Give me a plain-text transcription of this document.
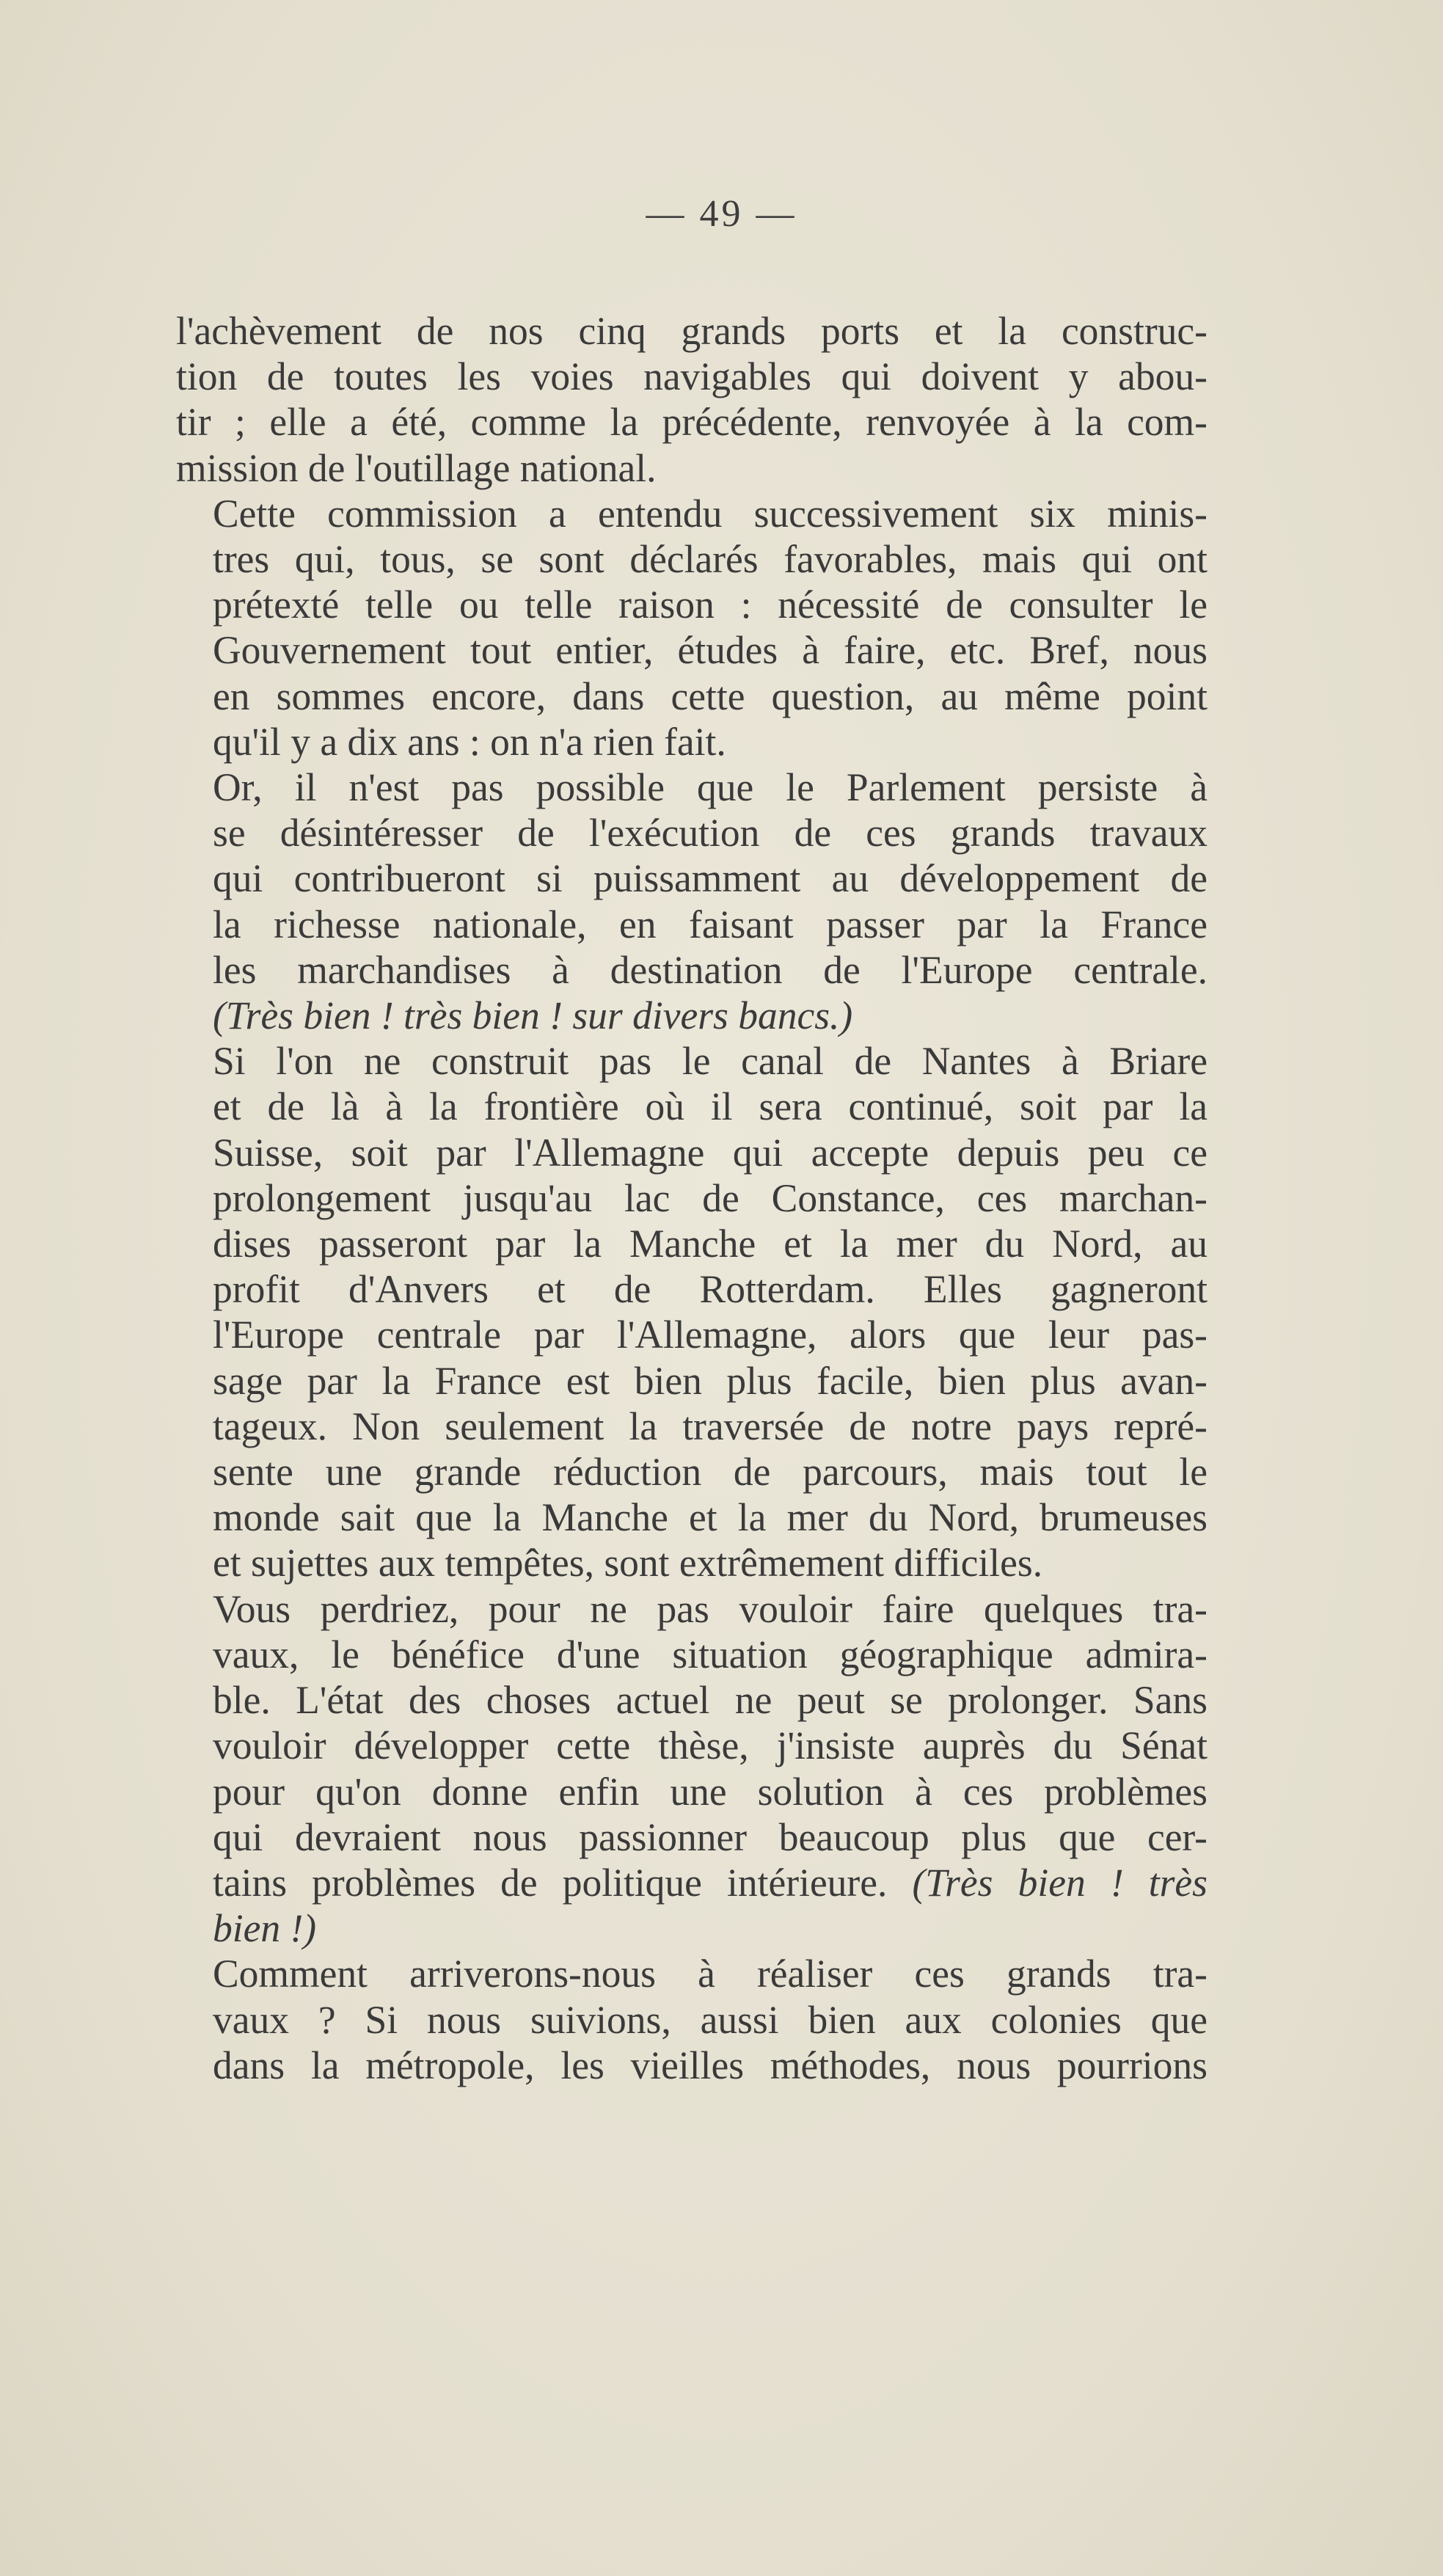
— 49 —

l'achèvement de nos cinq grands ports et la construc-
tion de toutes les voies navigables qui doivent y abou-
tir ; elle a été, comme la précédente, renvoyée à la com-
mission de l'outillage national.

Cette commission a entendu successivement six minis-
tres qui, tous, se sont déclarés favorables, mais qui ont
prétexté telle ou telle raison : nécessité de consulter le
Gouvernement tout entier, études à faire, etc. Bref, nous
en sommes encore, dans cette question, au même point
qu'il y a dix ans : on n'a rien fait.

Or, il n'est pas possible que le Parlement persiste à
se désintéresser de l'exécution de ces grands travaux
qui contribueront si puissamment au développement de
la richesse nationale, en faisant passer par la France
les marchandises à destination de l'Europe centrale.
(Très bien ! très bien ! sur divers bancs.)

Si l'on ne construit pas le canal de Nantes à Briare
et de là à la frontière où il sera continué, soit par la
Suisse, soit par l'Allemagne qui accepte depuis peu ce
prolongement jusqu'au lac de Constance, ces marchan-
dises passeront par la Manche et la mer du Nord, au
profit d'Anvers et de Rotterdam. Elles gagneront
l'Europe centrale par l'Allemagne, alors que leur pas-
sage par la France est bien plus facile, bien plus avan-
tageux. Non seulement la traversée de notre pays repré-
sente une grande réduction de parcours, mais tout le
monde sait que la Manche et la mer du Nord, brumeuses
et sujettes aux tempêtes, sont extrêmement difficiles.

Vous perdriez, pour ne pas vouloir faire quelques tra-
vaux, le bénéfice d'une situation géographique admira-
ble. L'état des choses actuel ne peut se prolonger. Sans
vouloir développer cette thèse, j'insiste auprès du Sénat
pour qu'on donne enfin une solution à ces problèmes
qui devraient nous passionner beaucoup plus que cer-
tains problèmes de politique intérieure. (Très bien ! très
bien !)

Comment arriverons-nous à réaliser ces grands tra-
vaux ? Si nous suivions, aussi bien aux colonies que
dans la métropole, les vieilles méthodes, nous pourrions
